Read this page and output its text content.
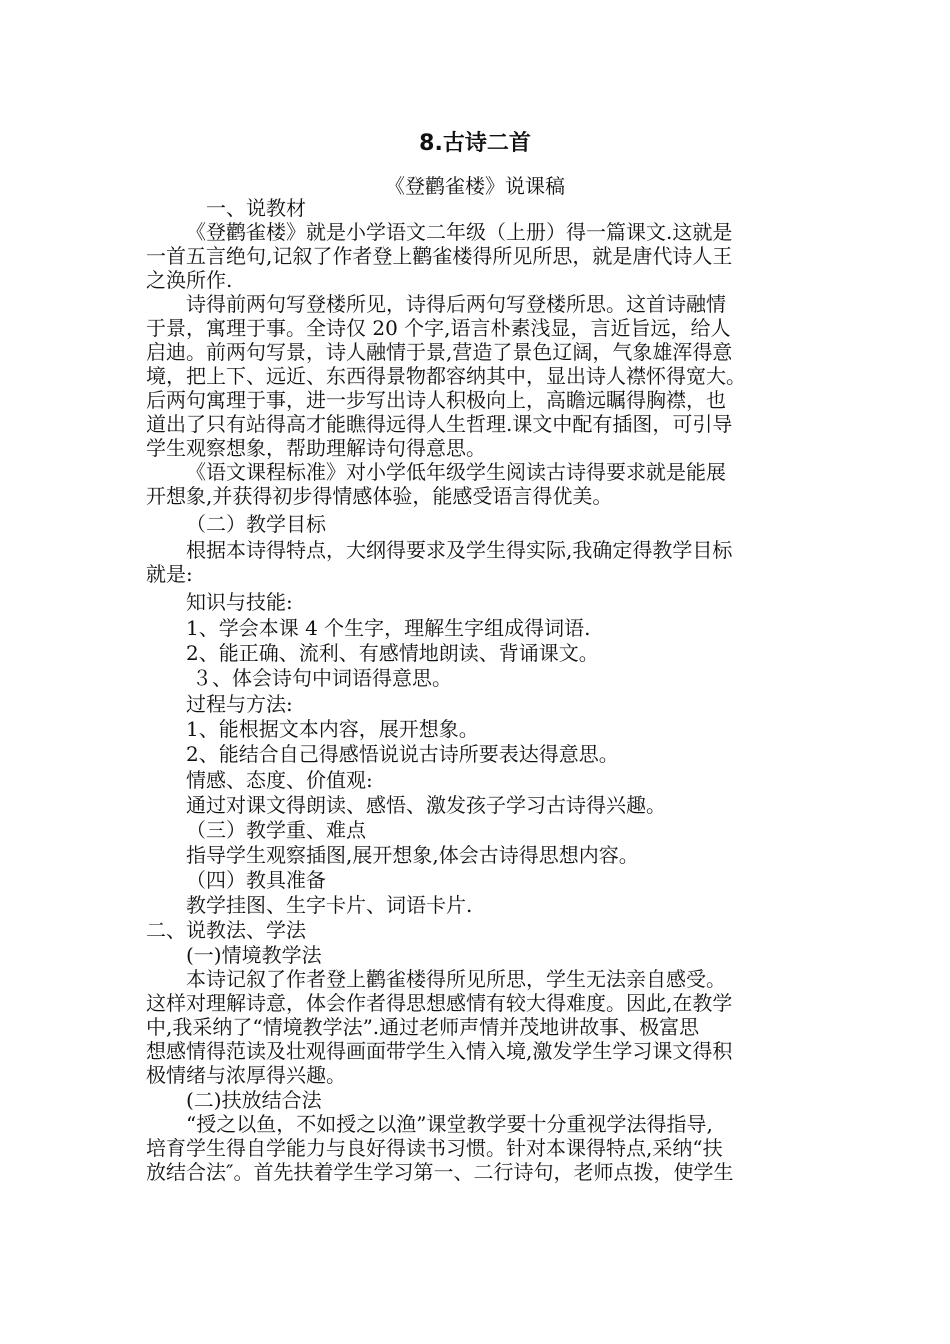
8.古诗二首
《登鹳雀楼》说课稿
一、说教材
《登鹳雀楼》就是小学语文二年级（上册）得一篇课文.这就是
一首五言绝句,记叙了作者登上鹳雀楼得所见所思，就是唐代诗人王
之涣所作.
诗得前两句写登楼所见，诗得后两句写登楼所思。这首诗融情
于景，寓理于事。全诗仅 20 个字,语言朴素浅显，言近旨远，给人
启迪。前两句写景，诗人融情于景,营造了景色辽阔，气象雄浑得意
境，把上下、远近、东西得景物都容纳其中，显出诗人襟怀得宽大。
后两句寓理于事，进一步写出诗人积极向上，高瞻远瞩得胸襟，也
道出了只有站得高才能瞧得远得人生哲理.课文中配有插图，可引导
学生观察想象，帮助理解诗句得意思。
《语文课程标准》对小学低年级学生阅读古诗得要求就是能展
开想象,并获得初步得情感体验，能感受语言得优美。
（二）教学目标
根据本诗得特点，大纲得要求及学生得实际,我确定得教学目标
就是:
知识与技能:
1、学会本课 4 个生字，理解生字组成得词语.
2、能正确、流利、有感情地朗读、背诵课文。
３、体会诗句中词语得意思。
过程与方法:
1、能根据文本内容，展开想象。
2、能结合自己得感悟说说古诗所要表达得意思。
情感、态度、价值观:
通过对课文得朗读、感悟、激发孩子学习古诗得兴趣。
（三）教学重、难点
指导学生观察插图,展开想象,体会古诗得思想内容。
（四）教具准备
教学挂图、生字卡片、词语卡片.
二、说教法、学法
(一)情境教学法
本诗记叙了作者登上鹳雀楼得所见所思，学生无法亲自感受。
这样对理解诗意，体会作者得思想感情有较大得难度。因此,在教学
中,我采纳了“情境教学法”.通过老师声情并茂地讲故事、极富思
想感情得范读及壮观得画面带学生入情入境,激发学生学习课文得积
极情绪与浓厚得兴趣。
(二)扶放结合法
“授之以鱼，不如授之以渔”课堂教学要十分重视学法得指导,
培育学生得自学能力与良好得读书习惯。针对本课得特点,采纳“扶
放结合法″。首先扶着学生学习第一、二行诗句，老师点拨，使学生
